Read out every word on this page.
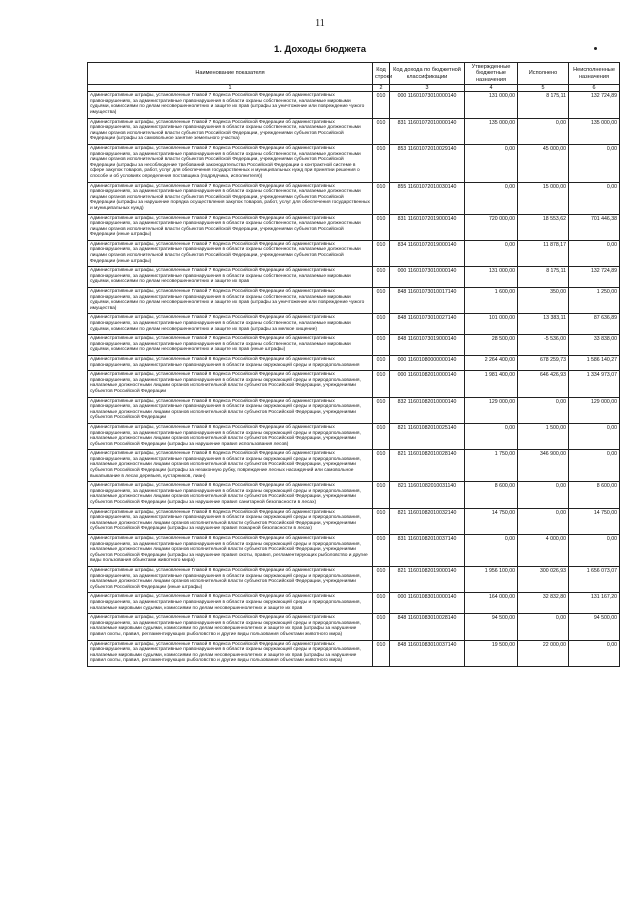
11
1. Доходы бюджета
Наименование показателя	Код строки	Код дохода по бюджетной классификации	Утвержденные бюджетные назначения	Исполнено	Неисполненные назначения
1	2	3	4	5	6
Административные штрафы, установленные Главой 7 Кодекса Российской Федерации об административных правонарушениях, за административные правонарушения в области охраны собственности, налагаемые мировыми судьями, комиссиями по делам несовершеннолетних и защите их прав (штрафы за уничтожение или повреждение чужого имущества)	010	000 11601073010000140	131 000,00	8 175,11	132 724,89
Административные штрафы, установленные Главой 7 Кодекса Российской Федерации об административных правонарушениях, за административные правонарушения в области охраны собственности, налагаемые должностными лицами органов исполнительной власти субъектов Российской Федерации, учреждениями субъектов Российской Федерации (штрафы за самовольное занятие земельного участка)	010	831 11601072010000140	135 000,00	0,00	135 000,00
Административные штрафы, установленные Главой 7 Кодекса Российской Федерации об административных правонарушениях, за административные правонарушения в области охраны собственности, налагаемые должностными лицами органов исполнительной власти субъектов Российской Федерации, учреждениями субъектов Российской Федерации (штрафы за несоблюдение требований законодательства Российской Федерации о контрактной системе в сфере закупок товаров, работ, услуг для обеспечения государственных и муниципальных нужд при принятии решения о способе и об условиях определения поставщика (подрядчика, исполнителя))	010	853 11601072010029140	0,00	45 000,00	0,00
Административные штрафы, установленные Главой 7 Кодекса Российской Федерации об административных правонарушениях, за административные правонарушения в области охраны собственности, налагаемые должностными лицами органов исполнительной власти субъектов Российской Федерации, учреждениями субъектов Российской Федерации (штрафы за нарушение порядка осуществления закупок товаров, работ, услуг для обеспечения государственных и муниципальных нужд)	010	855 11601072010030140	0,00	15 000,00	0,00
Административные штрафы, установленные Главой 7 Кодекса Российской Федерации об административных правонарушениях, за административные правонарушения в области охраны собственности, налагаемые должностными лицами органов исполнительной власти субъектов Российской Федерации, учреждениями субъектов Российской Федерации (иные штрафы)	010	831 11601072019000140	720 000,00	18 553,62	701 446,38
Административные штрафы, установленные Главой 7 Кодекса Российской Федерации об административных правонарушениях, за административные правонарушения в области охраны собственности, налагаемые должностными лицами органов исполнительной власти субъектов Российской Федерации, учреждениями субъектов Российской Федерации (иные штрафы)	010	834 11601072019000140	0,00	11 878,17	0,00
Административные штрафы, установленные Главой 7 Кодекса Российской Федерации об административных правонарушениях, за административные правонарушения в области охраны собственности, налагаемые мировыми судьями, комиссиями по делам несовершеннолетних и защите их прав	010	000 11601073010000140	131 000,00	8 175,11	132 724,89
Административные штрафы, установленные Главой 7 Кодекса Российской Федерации об административных правонарушениях, за административные правонарушения в области охраны собственности, налагаемые мировыми судьями, комиссиями по делам несовершеннолетних и защите их прав (штрафы за уничтожение или повреждение чужого имущества)	010	848 11601073010017140	1 600,00	350,00	1 250,00
Административные штрафы, установленные Главой 7 Кодекса Российской Федерации об административных правонарушениях, за административные правонарушения в области охраны собственности, налагаемые мировыми судьями, комиссиями по делам несовершеннолетних и защите их прав (штрафы за мелкое хищение)	010	848 11601073010027140	101 000,00	13 383,11	87 636,89
Административные штрафы, установленные Главой 7 Кодекса Российской Федерации об административных правонарушениях, за административные правонарушения в области охраны собственности, налагаемые мировыми судьями, комиссиями по делам несовершеннолетних и защите их прав (иные штрафы)	010	848 11601073019000140	28 500,00	-5 536,00	33 838,00
Административные штрафы, установленные Главой 8 Кодекса Российской Федерации об административных правонарушениях, за административные правонарушения в области охраны окружающей среды и природопользования	010	000 11601080000000140	2 264 400,00	678 259,73	1 586 140,27
Административные штрафы, установленные Главой 8 Кодекса Российской Федерации об административных правонарушениях, за административные правонарушения в области охраны окружающей среды и природопользования, налагаемые должностными лицами органов исполнительной власти субъектов Российской Федерации, учреждениями субъектов Российской Федерации	010	000 11601082010000140	1 981 400,00	646 426,93	1 334 973,07
Административные штрафы, установленные Главой 8 Кодекса Российской Федерации об административных правонарушениях, за административные правонарушения в области охраны окружающей среды и природопользования, налагаемые должностными лицами органов исполнительной власти субъектов Российской Федерации, учреждениями субъектов Российской Федерации	010	832 11601082010000140	129 000,00	0,00	129 000,00
Административные штрафы, установленные Главой 8 Кодекса Российской Федерации об административных правонарушениях, за административные правонарушения в области охраны окружающей среды и природопользования, налагаемые должностными лицами органов исполнительной власти субъектов Российской Федерации, учреждениями субъектов Российской Федерации (штрафы за нарушение правил использования лесов)	010	821 11601082010025140	0,00	1 500,00	0,00
Административные штрафы, установленные Главой 8 Кодекса Российской Федерации об административных правонарушениях, за административные правонарушения в области охраны окружающей среды и природопользования, налагаемые должностными лицами органов исполнительной власти субъектов Российской Федерации, учреждениями субъектов Российской Федерации (штрафы за незаконную рубку, повреждение лесных насаждений или самовольное выкапывание в лесах деревьев, кустарников, лиан)	010	821 11601082010028140	1 750,00	346 900,00	0,00
Административные штрафы, установленные Главой 8 Кодекса Российской Федерации об административных правонарушениях, за административные правонарушения в области охраны окружающей среды и природопользования, налагаемые должностными лицами органов исполнительной власти субъектов Российской Федерации, учреждениями субъектов Российской Федерации (штрафы за нарушение правил санитарной безопасности в лесах)	010	821 11601082010031140	8 600,00	0,00	8 600,00
Административные штрафы, установленные Главой 8 Кодекса Российской Федерации об административных правонарушениях, за административные правонарушения в области охраны окружающей среды и природопользования, налагаемые должностными лицами органов исполнительной власти субъектов Российской Федерации, учреждениями субъектов Российской Федерации (штрафы за нарушение правил пожарной безопасности в лесах)	010	821 11601082010032140	14 750,00	0,00	14 750,00
Административные штрафы, установленные Главой 8 Кодекса Российской Федерации об административных правонарушениях, за административные правонарушения в области охраны окружающей среды и природопользования, налагаемые должностными лицами органов исполнительной власти субъектов Российской Федерации, учреждениями субъектов Российской Федерации (штрафы за нарушение правил охоты, правил, регламентирующих рыболовство и другие виды пользования объектами животного мира)	010	831 11601082010037140	0,00	4 000,00	0,00
Административные штрафы, установленные Главой 8 Кодекса Российской Федерации об административных правонарушениях, за административные правонарушения в области охраны окружающей среды и природопользования, налагаемые должностными лицами органов исполнительной власти субъектов Российской Федерации, учреждениями субъектов Российской Федерации (иные штрафы)	010	821 11601082019000140	1 956 100,00	300 026,93	1 656 073,07
Административные штрафы, установленные Главой 8 Кодекса Российской Федерации об административных правонарушениях, за административные правонарушения в области охраны окружающей среды и природопользования, налагаемые мировыми судьями, комиссиями по делам несовершеннолетних и защите их прав	010	000 11601083010000140	164 000,00	32 832,80	131 167,20
Административные штрафы, установленные Главой 8 Кодекса Российской Федерации об административных правонарушениях, за административные правонарушения в области охраны окружающей среды и природопользования, налагаемые мировыми судьями, комиссиями по делам несовершеннолетних и защите их прав (штрафы за нарушение правил охоты, правил, регламентирующих рыболовство и другие виды пользования объектами животного мира)	010	848 11601083010028140	94 500,00	0,00	94 500,00
Административные штрафы, установленные Главой 8 Кодекса Российской Федерации об административных правонарушениях, за административные правонарушения в области охраны окружающей среды и природопользования, налагаемые мировыми судьями, комиссиями по делам несовершеннолетних и защите их прав (штрафы за нарушение правил охоты, правил, регламентирующих рыболовство и другие виды пользования объектами животного мира)	010	848 11601083010037140	19 500,00	22 000,00	0,00
